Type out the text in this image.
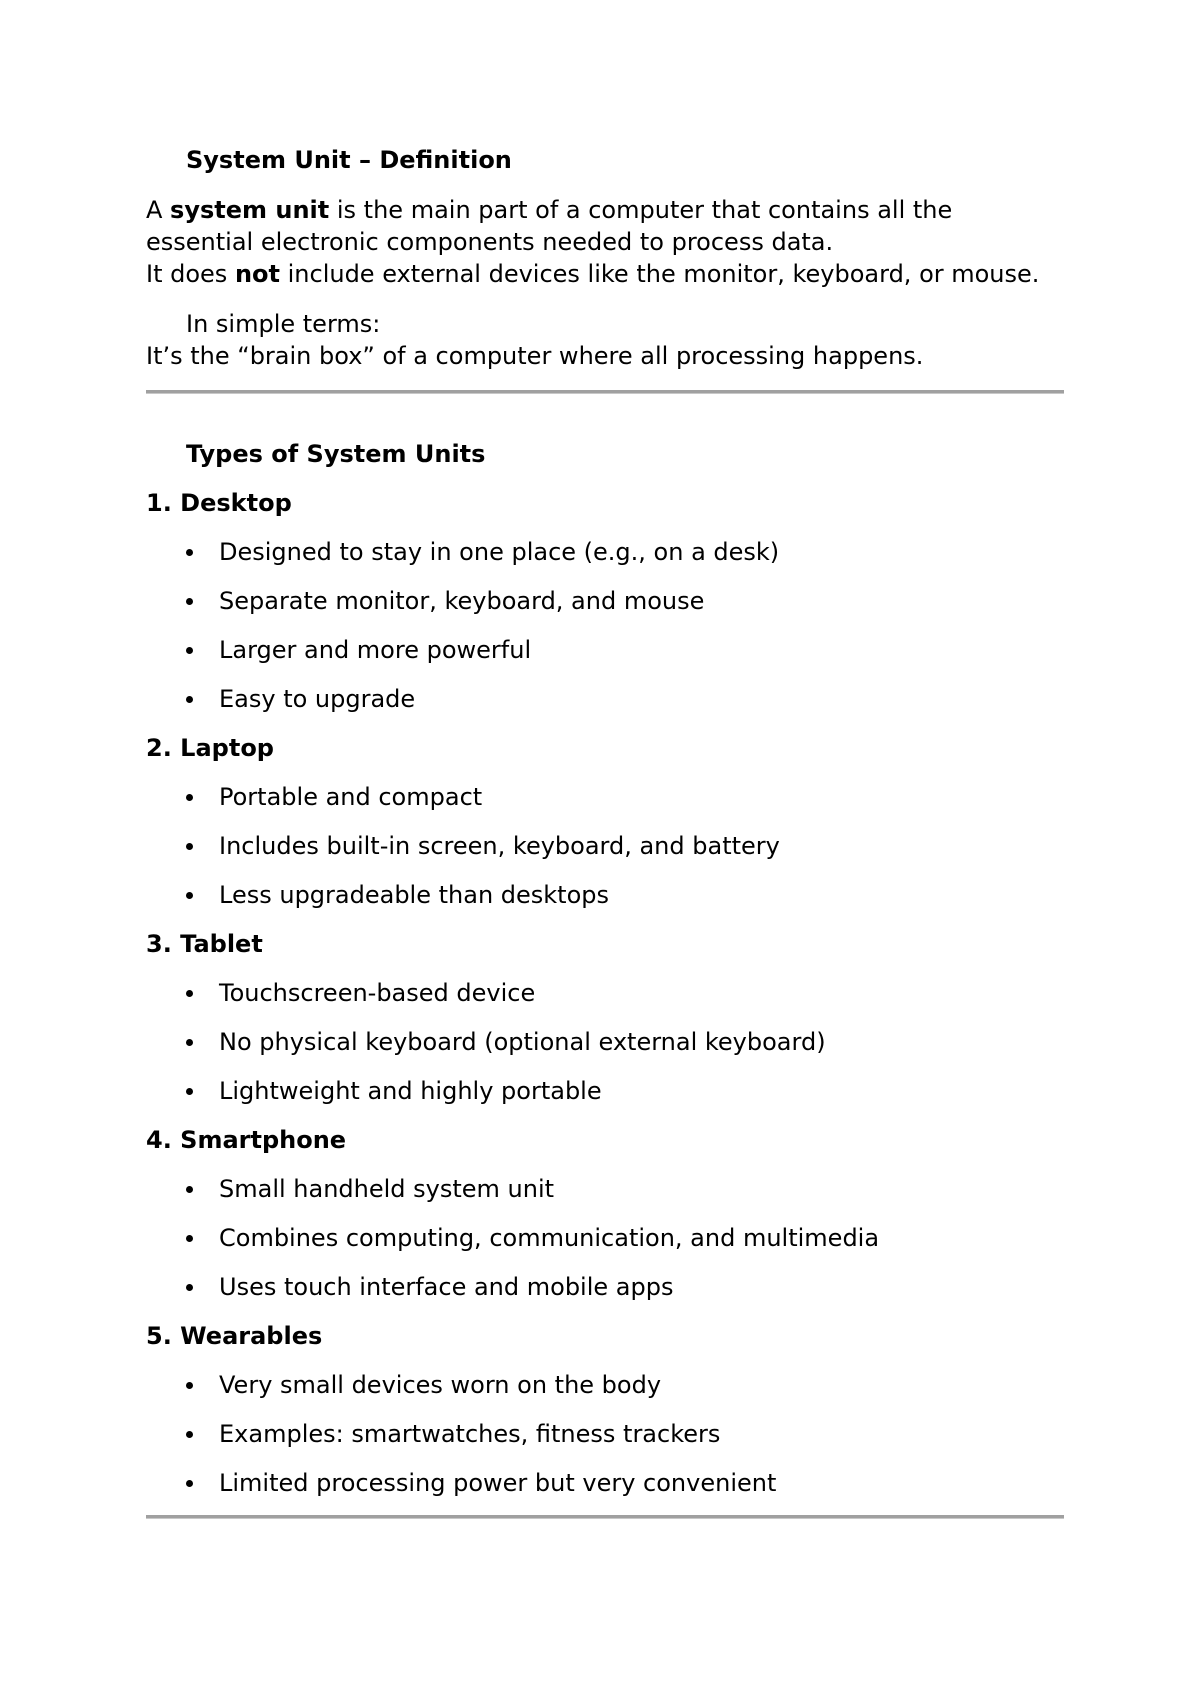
System Unit – Definition

A system unit is the main part of a computer that contains all the

essential electronic components needed to process data.

It does not include external devices like the monitor, keyboard, or mouse.

In simple terms:

It’s the “brain box” of a computer where all processing happens.

Types of System Units

1. Desktop

Designed to stay in one place (e.g., on a desk)

Separate monitor, keyboard, and mouse

Larger and more powerful

Easy to upgrade

2. Laptop

Portable and compact

Includes built-in screen, keyboard, and battery

Less upgradeable than desktops

3. Tablet

Touchscreen-based device

No physical keyboard (optional external keyboard)

Lightweight and highly portable

4. Smartphone

Small handheld system unit

Combines computing, communication, and multimedia

Uses touch interface and mobile apps

5. Wearables

Very small devices worn on the body

Examples: smartwatches, fitness trackers

Limited processing power but very convenient
